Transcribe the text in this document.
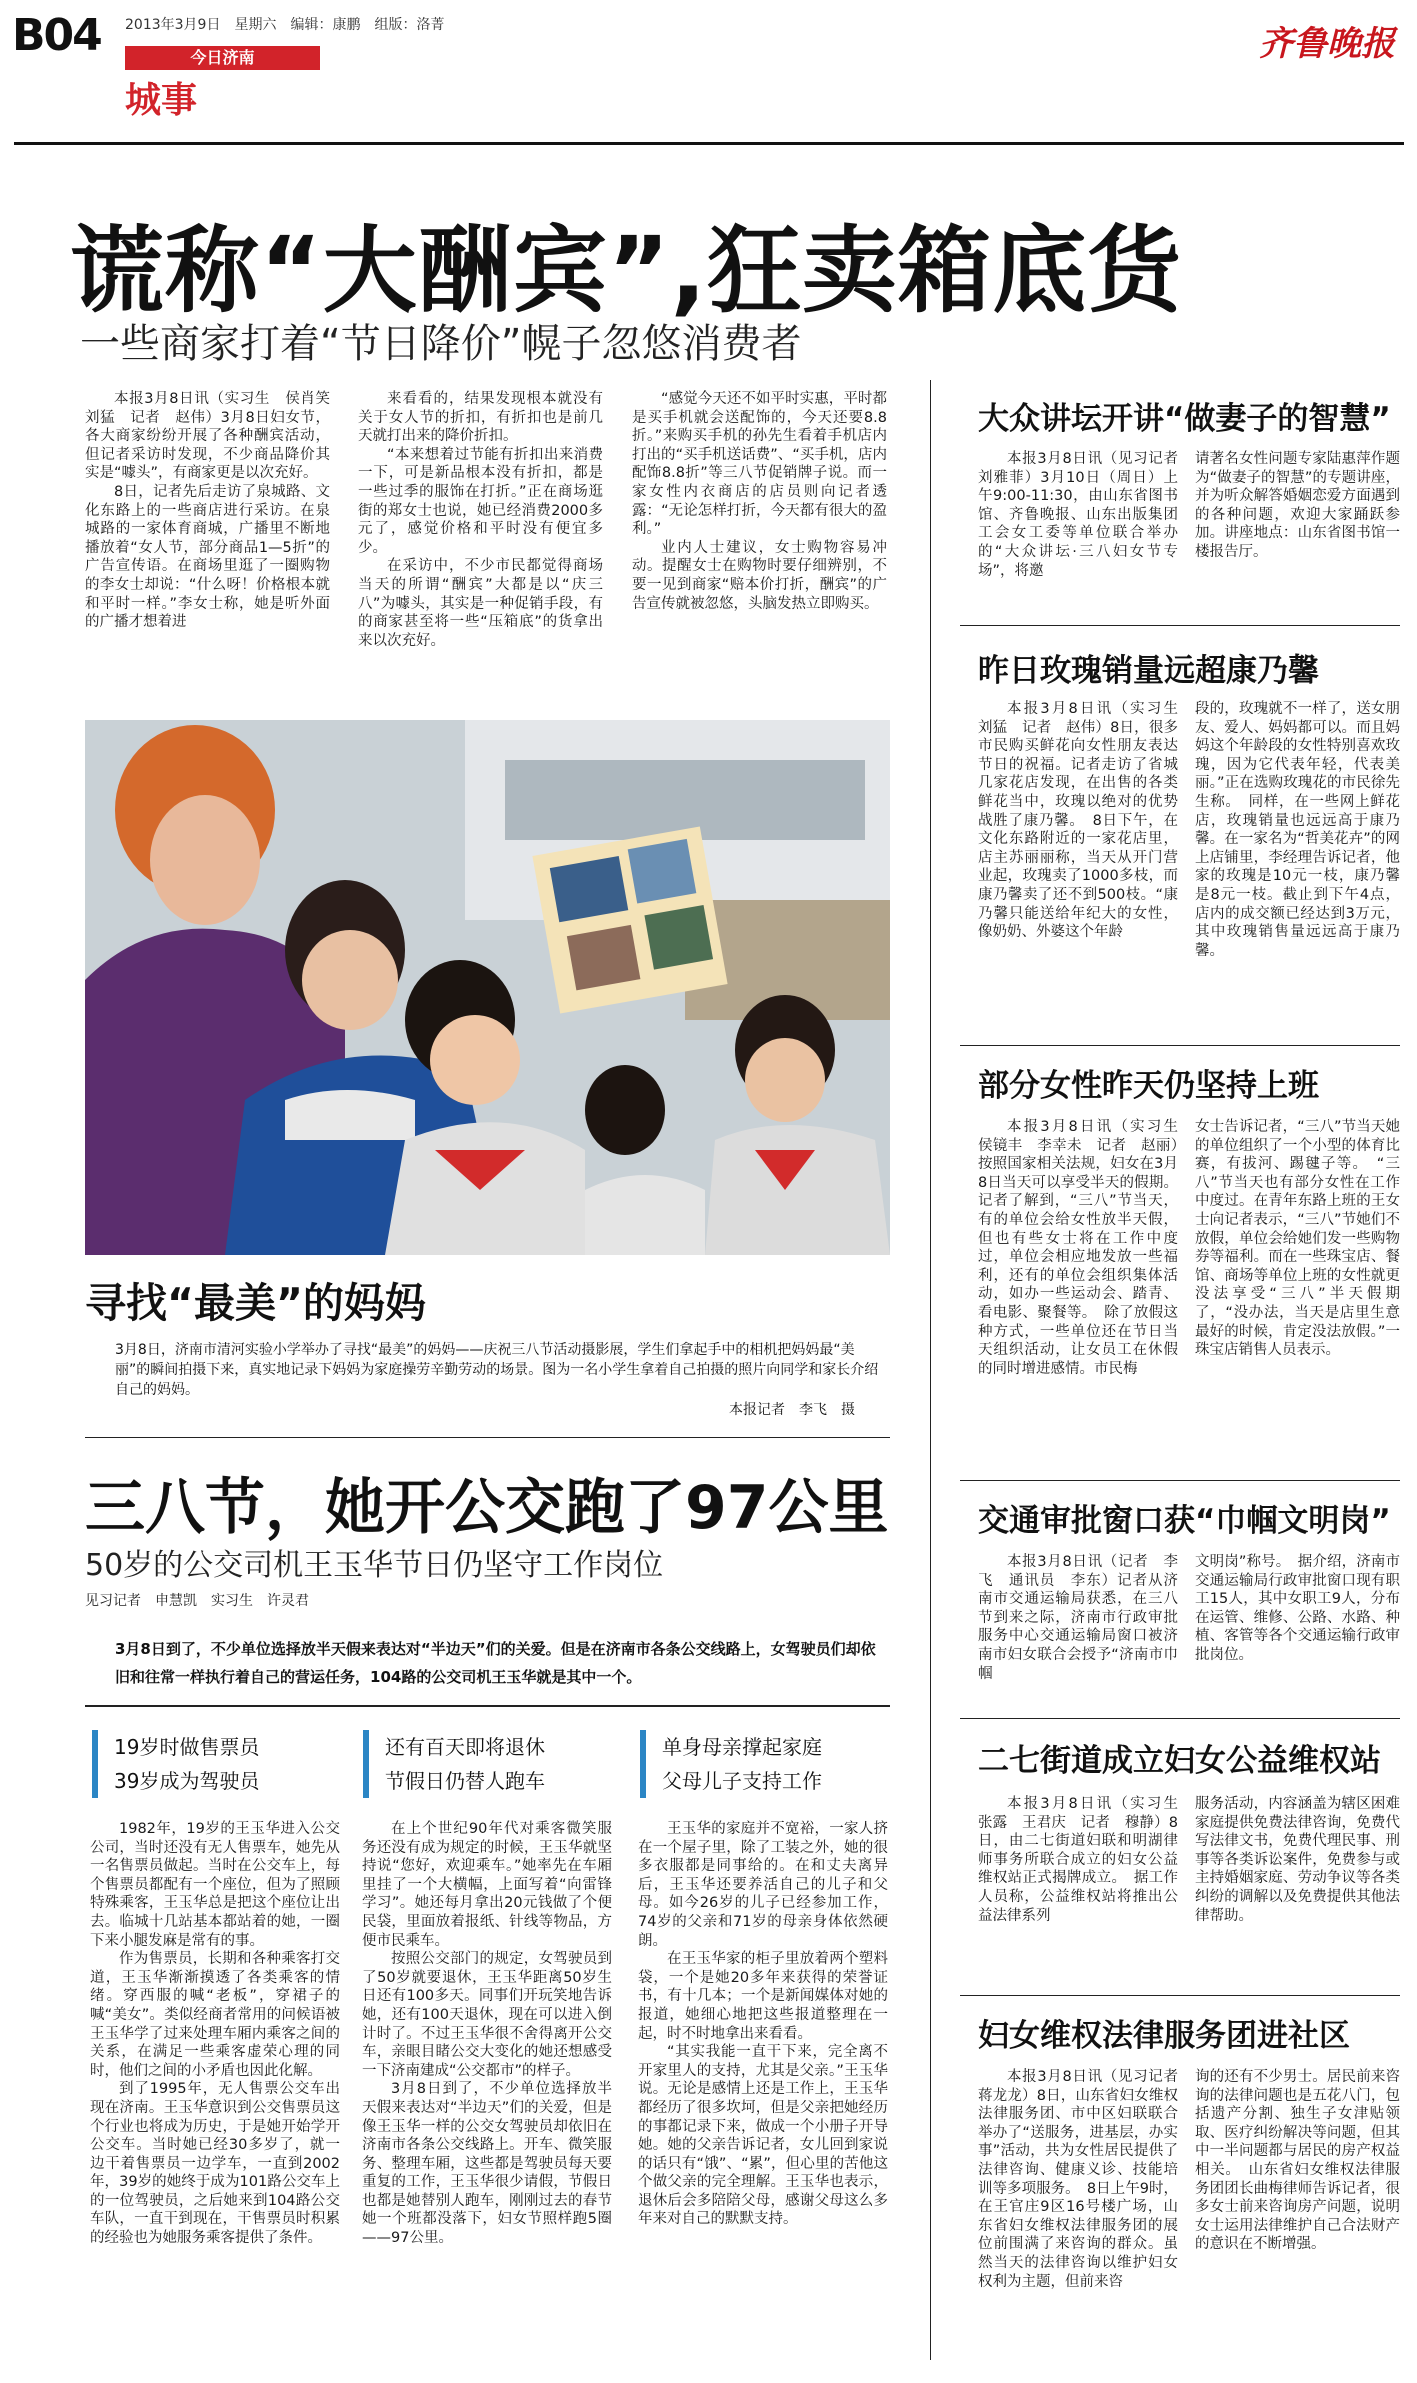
B04 2013年3月9日　星期六　编辑：康鹏　组版：洛菁
今日济南
城事
齐鲁晚报
谎称“大酬宾”,狂卖箱底货
一些商家打着“节日降价”幌子忽悠消费者

本报3月8日讯（实习生　侯肖笑　刘猛　记者　赵伟）3月8日妇女节，各大商家纷纷开展了各种酬宾活动，但记者采访时发现，不少商品降价其实是“噱头”，有商家更是以次充好。

8日，记者先后走访了泉城路、文化东路上的一些商店进行采访。在泉城路的一家体育商城，广播里不断地播放着“女人节，部分商品1—5折”的广告宣传语。在商场里逛了一圈购物的李女士却说：“什么呀！价格根本就和平时一样。”李女士称，她是听外面的广播才想着进

来看看的，结果发现根本就没有关于女人节的折扣，有折扣也是前几天就打出来的降价折扣。

“本来想着过节能有折扣出来消费一下，可是新品根本没有折扣，都是一些过季的服饰在打折。”正在商场逛街的郑女士也说，她已经消费2000多元了，感觉价格和平时没有便宜多少。

在采访中，不少市民都觉得商场当天的所谓“酬宾”大都是以“庆三八”为噱头，其实是一种促销手段，有的商家甚至将一些“压箱底”的货拿出来以次充好。

“感觉今天还不如平时实惠，平时都是买手机就会送配饰的，今天还要8.8折。”来购买手机的孙先生看着手机店内打出的“买手机送话费”、“买手机，店内配饰8.8折”等三八节促销牌子说。而一家女性内衣商店的店员则向记者透露：“无论怎样打折，今天都有很大的盈利。”

业内人士建议，女士购物容易冲动。提醒女士在购物时要仔细辨别，不要一见到商家“赔本价打折，酬宾”的广告宣传就被忽悠，头脑发热立即购买。

寻找“最美”的妈妈
3月8日，济南市清河实验小学举办了寻找“最美”的妈妈——庆祝三八节活动摄影展，学生们拿起手中的相机把妈妈最“美丽”的瞬间拍摄下来，真实地记录下妈妈为家庭操劳辛勤劳动的场景。图为一名小学生拿着自己拍摄的照片向同学和家长介绍自己的妈妈。
本报记者　李飞　摄
三八节，她开公交跑了97公里
50岁的公交司机王玉华节日仍坚守工作岗位
见习记者　申慧凯　实习生　许灵君
3月8日到了，不少单位选择放半天假来表达对“半边天”们的关爱。但是在济南市各条公交线路上，女驾驶员们却依旧和往常一样执行着自己的营运任务，104路的公交司机王玉华就是其中一个。
19岁时做售票员
39岁成为驾驶员
还有百天即将退休
节假日仍替人跑车
单身母亲撑起家庭
父母儿子支持工作

1982年，19岁的王玉华进入公交公司，当时还没有无人售票车，她先从一名售票员做起。当时在公交车上，每个售票员都配有一个座位，但为了照顾特殊乘客，王玉华总是把这个座位让出去。临城十几站基本都站着的她，一圈下来小腿发麻是常有的事。

作为售票员，长期和各种乘客打交道，王玉华渐渐摸透了各类乘客的情绪。穿西服的喊“老板”，穿裙子的喊“美女”。类似经商者常用的问候语被王玉华学了过来处理车厢内乘客之间的关系，在满足一些乘客虚荣心理的同时，他们之间的小矛盾也因此化解。

到了1995年，无人售票公交车出现在济南。王玉华意识到公交售票员这个行业也将成为历史，于是她开始学开公交车。当时她已经30多岁了，就一边干着售票员一边学车，一直到2002年，39岁的她终于成为101路公交车上的一位驾驶员，之后她来到104路公交车队，一直干到现在，干售票员时积累的经验也为她服务乘客提供了条件。

在上个世纪90年代对乘客微笑服务还没有成为规定的时候，王玉华就坚持说“您好，欢迎乘车。”她率先在车厢里挂了一个大横幅，上面写着“向雷锋学习”。她还每月拿出20元钱做了个便民袋，里面放着报纸、针线等物品，方便市民乘车。

按照公交部门的规定，女驾驶员到了50岁就要退休，王玉华距离50岁生日还有100多天。同事们开玩笑地告诉她，还有100天退休，现在可以进入倒计时了。不过王玉华很不舍得离开公交车，亲眼目睹公交大变化的她还想感受一下济南建成“公交都市”的样子。

3月8日到了，不少单位选择放半天假来表达对“半边天”们的关爱，但是像王玉华一样的公交女驾驶员却依旧在济南市各条公交线路上。开车、微笑服务、整理车厢，这些都是驾驶员每天要重复的工作，王玉华很少请假，节假日也都是她替别人跑车，刚刚过去的春节她一个班都没落下，妇女节照样跑5圈——97公里。

王玉华的家庭并不宽裕，一家人挤在一个屋子里，除了工装之外，她的很多衣服都是同事给的。在和丈夫离异后，王玉华还要养活自己的儿子和父母。如今26岁的儿子已经参加工作，74岁的父亲和71岁的母亲身体依然硬朗。

在王玉华家的柜子里放着两个塑料袋，一个是她20多年来获得的荣誉证书，有十几本；一个是新闻媒体对她的报道，她细心地把这些报道整理在一起，时不时地拿出来看看。

“其实我能一直干下来，完全离不开家里人的支持，尤其是父亲。”王玉华说。无论是感情上还是工作上，王玉华都经历了很多坎坷，但是父亲把她经历的事都记录下来，做成一个小册子开导她。她的父亲告诉记者，女儿回到家说的话只有“饿”、“累”，但心里的苦他这个做父亲的完全理解。王玉华也表示，退休后会多陪陪父母，感谢父母这么多年来对自己的默默支持。

大众讲坛开讲“做妻子的智慧”

本报3月8日讯（见习记者　刘雅菲）3月10日（周日）上午9:00-11:30，由山东省图书馆、齐鲁晚报、山东出版集团工会女工委等单位联合举办的“大众讲坛·三八妇女节专场”，将邀

请著名女性问题专家陆惠萍作题为“做妻子的智慧”的专题讲座，并为听众解答婚姻恋爱方面遇到的各种问题，欢迎大家踊跃参加。讲座地点：山东省图书馆一楼报告厅。

昨日玫瑰销量远超康乃馨

本报3月8日讯（实习生　刘猛　记者　赵伟）8日，很多市民购买鲜花向女性朋友表达节日的祝福。记者走访了省城几家花店发现，在出售的各类鲜花当中，玫瑰以绝对的优势战胜了康乃馨。　8日下午，在文化东路附近的一家花店里，店主苏丽丽称，当天从开门营业起，玫瑰卖了1000多枝，而康乃馨卖了还不到500枝。“康乃馨只能送给年纪大的女性，像奶奶、外婆这个年龄

段的，玫瑰就不一样了，送女朋友、爱人、妈妈都可以。而且妈妈这个年龄段的女性特别喜欢玫瑰，因为它代表年轻，代表美丽。”正在选购玫瑰花的市民徐先生称。　同样，在一些网上鲜花店，玫瑰销量也远远高于康乃馨。在一家名为“哲美花卉”的网上店铺里，李经理告诉记者，他家的玫瑰是10元一枝，康乃馨是8元一枝。截止到下午4点，店内的成交额已经达到3万元，其中玫瑰销售量远远高于康乃馨。

部分女性昨天仍坚持上班

本报3月8日讯（实习生　侯镜丰　李幸未　记者　赵丽）按照国家相关法规，妇女在3月8日当天可以享受半天的假期。记者了解到，“三八”节当天，有的单位会给女性放半天假，但也有些女士将在工作中度过，单位会相应地发放一些福利，还有的单位会组织集体活动，如办一些运动会、踏青、看电影、聚餐等。　除了放假这种方式，一些单位还在节日当天组织活动，让女员工在休假的同时增进感情。市民梅

女士告诉记者，“三八”节当天她的单位组织了一个小型的体育比赛，有拔河、踢毽子等。　“三八”节当天也有部分女性在工作中度过。在青年东路上班的王女士向记者表示，“三八”节她们不放假，单位会给她们发一些购物券等福利。而在一些珠宝店、餐馆、商场等单位上班的女性就更没法享受“三八”半天假期了，“没办法，当天是店里生意最好的时候，肯定没法放假。”一珠宝店销售人员表示。

交通审批窗口获“巾帼文明岗”

本报3月8日讯（记者　李飞　通讯员　李东）记者从济南市交通运输局获悉，在三八节到来之际，济南市行政审批服务中心交通运输局窗口被济南市妇女联合会授予“济南市巾帼

文明岗”称号。　据介绍，济南市交通运输局行政审批窗口现有职工15人，其中女职工9人，分布在运管、维修、公路、水路、种植、客管等各个交通运输行政审批岗位。

二七街道成立妇女公益维权站

本报3月8日讯（实习生　张露　王君庆　记者　穆静）8日，由二七街道妇联和明湖律师事务所联合成立的妇女公益维权站正式揭牌成立。　据工作人员称，公益维权站将推出公益法律系列

服务活动，内容涵盖为辖区困难家庭提供免费法律咨询，免费代写法律文书，免费代理民事、刑事等各类诉讼案件，免费参与或主持婚姻家庭、劳动争议等各类纠纷的调解以及免费提供其他法律帮助。

妇女维权法律服务团进社区

本报3月8日讯（见习记者　蒋龙龙）8日，山东省妇女维权法律服务团、市中区妇联联合举办了“送服务，进基层，办实事”活动，共为女性居民提供了法律咨询、健康义诊、技能培训等多项服务。　8日上午9时，在王官庄9区16号楼广场，山东省妇女维权法律服务团的展位前围满了来咨询的群众。虽然当天的法律咨询以维护妇女权利为主题，但前来咨

询的还有不少男士。居民前来咨询的法律问题也是五花八门，包括遗产分割、独生子女津贴领取、医疗纠纷解决等问题，但其中一半问题都与居民的房产权益相关。　山东省妇女维权法律服务团团长曲梅律师告诉记者，很多女士前来咨询房产问题，说明女士运用法律维护自己合法财产的意识在不断增强。
